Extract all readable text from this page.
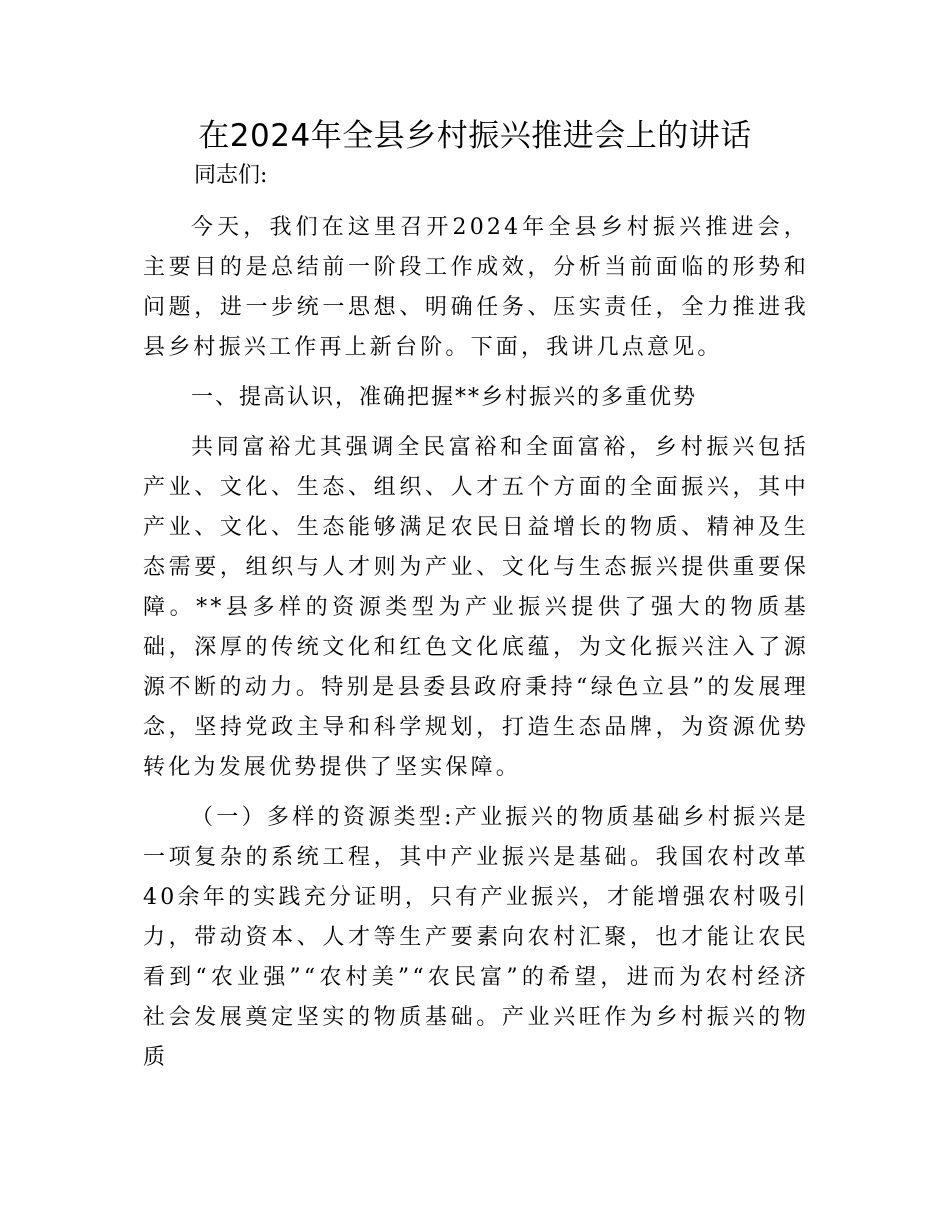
在2024年全县乡村振兴推进会上的讲话

同志们:

今天，我们在这里召开2024年全县乡村振兴推进会，主要目的是总结前一阶段工作成效，分析当前面临的形势和问题，进一步统一思想、明确任务、压实责任，全力推进我县乡村振兴工作再上新台阶。下面，我讲几点意见。

一、提高认识，准确把握**乡村振兴的多重优势

共同富裕尤其强调全民富裕和全面富裕，乡村振兴包括产业、文化、生态、组织、人才五个方面的全面振兴，其中产业、文化、生态能够满足农民日益增长的物质、精神及生态需要，组织与人才则为产业、文化与生态振兴提供重要保障。**县多样的资源类型为产业振兴提供了强大的物质基础，深厚的传统文化和红色文化底蕴，为文化振兴注入了源源不断的动力。特别是县委县政府秉持“绿色立县”的发展理念，坚持党政主导和科学规划，打造生态品牌，为资源优势转化为发展优势提供了坚实保障。

（一）多样的资源类型:产业振兴的物质基础乡村振兴是一项复杂的系统工程，其中产业振兴是基础。我国农村改革40余年的实践充分证明，只有产业振兴，才能增强农村吸引力，带动资本、人才等生产要素向农村汇聚，也才能让农民看到“农业强”“农村美”“农民富”的希望，进而为农村经济社会发展奠定坚实的物质基础。产业兴旺作为乡村振兴的物质
